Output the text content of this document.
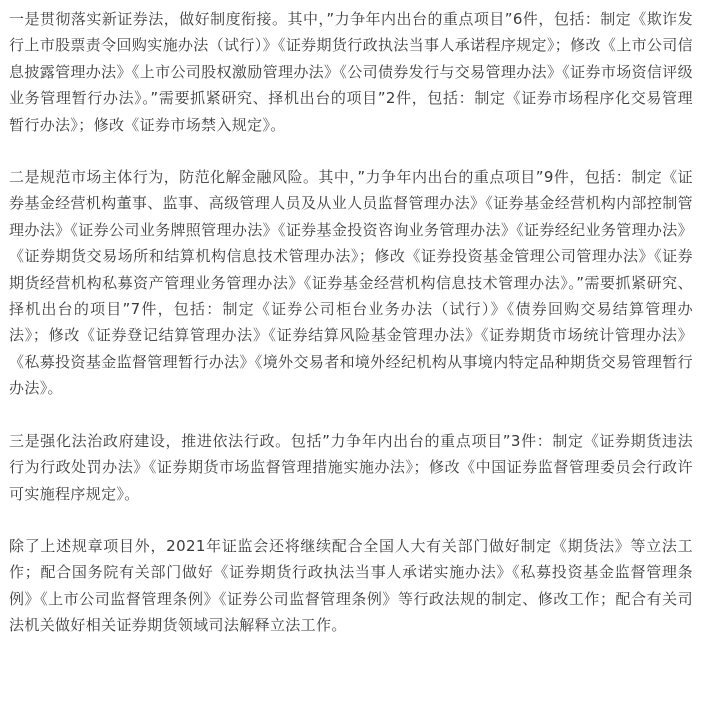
一是贯彻落实新证券法，做好制度衔接。其中，”力争年内出台的重点项目”6件，包括：制定《欺诈发行上市股票责令回购实施办法（试行）》《证券期货行政执法当事人承诺程序规定》；修改《上市公司信息披露管理办法》《上市公司股权激励管理办法》《公司债券发行与交易管理办法》《证券市场资信评级业务管理暂行办法》。”需要抓紧研究、择机出台的项目”2件，包括：制定《证券市场程序化交易管理暂行办法》；修改《证券市场禁入规定》。

二是规范市场主体行为，防范化解金融风险。其中，”力争年内出台的重点项目”9件，包括：制定《证券基金经营机构董事、监事、高级管理人员及从业人员监督管理办法》《证券基金经营机构内部控制管理办法》《证券公司业务牌照管理办法》《证券基金投资咨询业务管理办法》《证券经纪业务管理办法》《证券期货交易场所和结算机构信息技术管理办法》；修改《证券投资基金管理公司管理办法》《证券期货经营机构私募资产管理业务管理办法》《证券基金经营机构信息技术管理办法》。”需要抓紧研究、择机出台的项目”7件，包括：制定《证券公司柜台业务办法（试行）》《债券回购交易结算管理办法》；修改《证券登记结算管理办法》《证券结算风险基金管理办法》《证券期货市场统计管理办法》《私募投资基金监督管理暂行办法》《境外交易者和境外经纪机构从事境内特定品种期货交易管理暂行办法》。

三是强化法治政府建设，推进依法行政。包括”力争年内出台的重点项目”3件：制定《证券期货违法行为行政处罚办法》《证券期货市场监督管理措施实施办法》；修改《中国证券监督管理委员会行政许可实施程序规定》。

除了上述规章项目外，2021年证监会还将继续配合全国人大有关部门做好制定《期货法》等立法工作；配合国务院有关部门做好《证券期货行政执法当事人承诺实施办法》《私募投资基金监督管理条例》《上市公司监督管理条例》《证券公司监督管理条例》等行政法规的制定、修改工作；配合有关司法机关做好相关证券期货领域司法解释立法工作。
